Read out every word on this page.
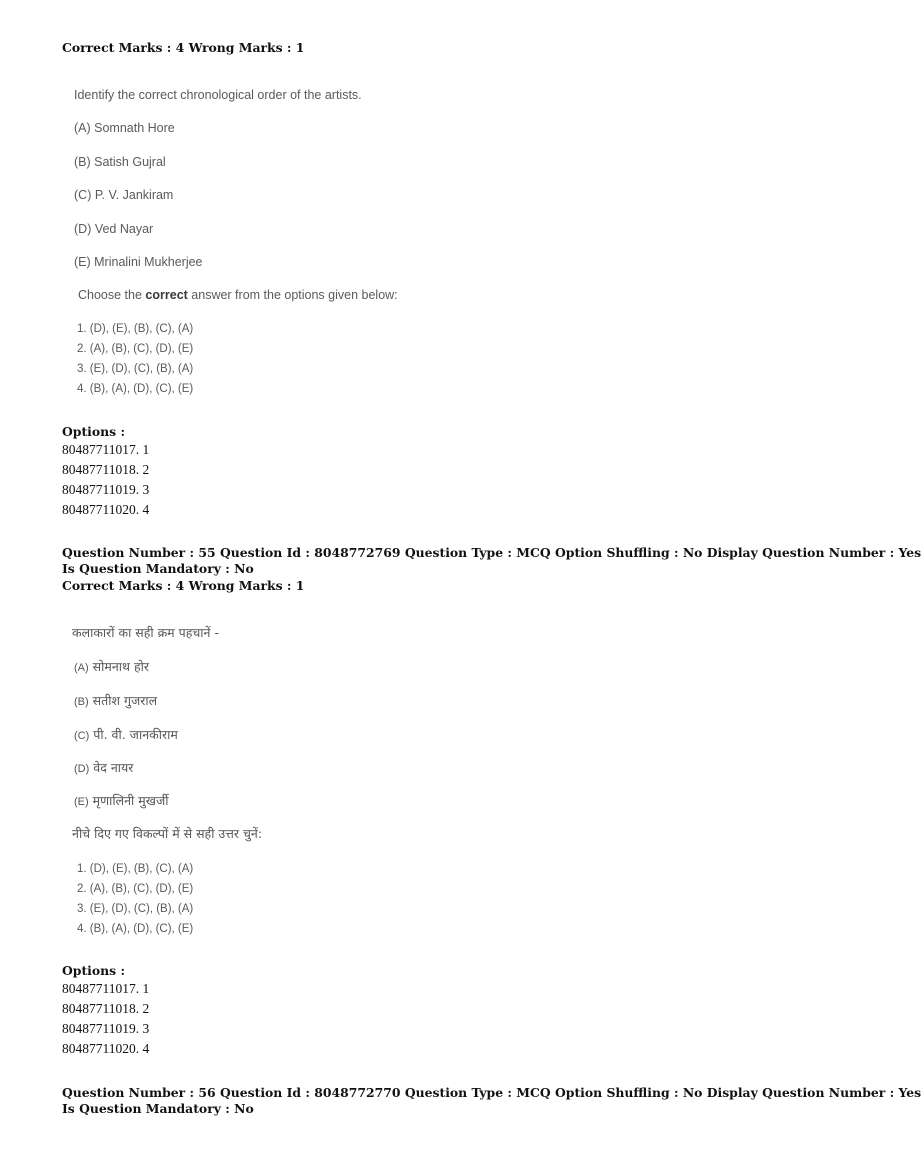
Correct Marks : 4 Wrong Marks : 1
Identify the correct chronological order of the artists.
(A) Somnath Hore
(B) Satish Gujral
(C) P. V. Jankiram
(D) Ved Nayar
(E) Mrinalini Mukherjee
Choose the correct answer from the options given below:
1. (D), (E), (B), (C), (A)
2. (A), (B), (C), (D), (E)
3. (E), (D), (C), (B), (A)
4. (B), (A), (D), (C), (E)
Options :
80487711017. 1
80487711018. 2
80487711019. 3
80487711020. 4
Question Number : 55 Question Id : 8048772769 Question Type : MCQ Option Shuffling : No Display Question Number : Yes
Is Question Mandatory : No
Correct Marks : 4 Wrong Marks : 1
कलाकारों का सही क्रम पहचानें -
(A) सोमनाथ होर
(B) सतीश गुजराल
(C) पी. वी. जानकीराम
(D) वेद नायर
(E) मृणालिनी मुखर्जी
नीचे दिए गए विकल्पों में से सही उत्तर चुनें:
1. (D), (E), (B), (C), (A)
2. (A), (B), (C), (D), (E)
3. (E), (D), (C), (B), (A)
4. (B), (A), (D), (C), (E)
Options :
80487711017. 1
80487711018. 2
80487711019. 3
80487711020. 4
Question Number : 56 Question Id : 8048772770 Question Type : MCQ Option Shuffling : No Display Question Number : Yes
Is Question Mandatory : No
